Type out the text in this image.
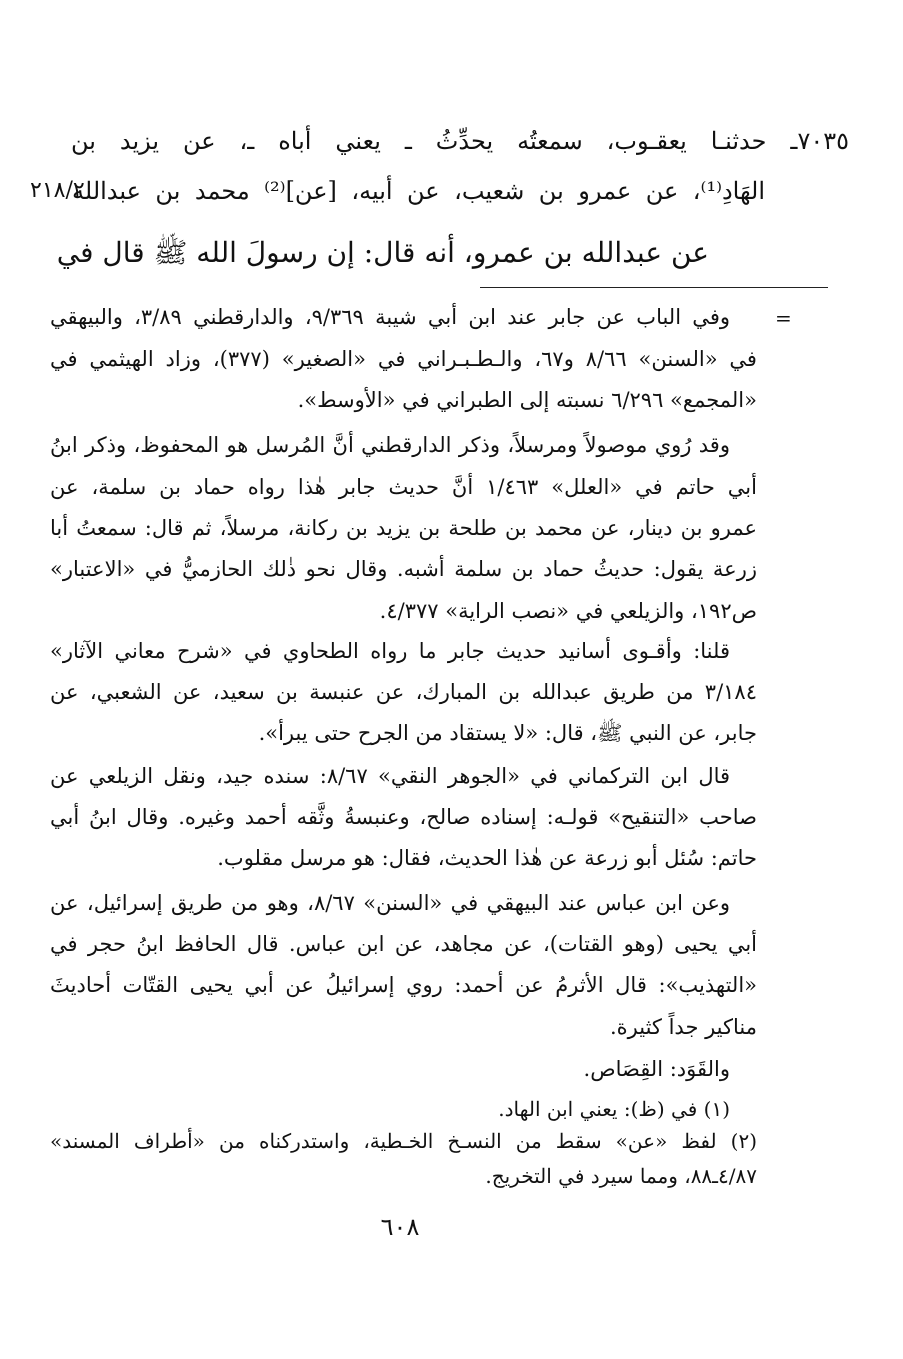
٧٠٣٥ـ حدثنـا يعقـوب، سمعتُه يحدِّثُ ـ يعني أباه ـ، عن يزيد بن
٢١٨/٢
الهَادِ⁽¹⁾، عن عمرو بن شعيب، عن أبيه، [عن]⁽²⁾ محمد بن عبدالله
عن عبدالله بن عمرو، أنه قال: إن رسولَ الله ﷺ قال في
=
وفي الباب عن جابر عند ابن أبي شيبة ٩/٣٦٩، والدارقطني ٣/٨٩، والبيهقي
في «السنن» ٨/٦٦ و٦٧، والـطـبـراني في «الصغير» (٣٧٧)، وزاد الهيثمي في
«المجمع» ٦/٢٩٦ نسبته إلى الطبراني في «الأوسط».
وقد رُوي موصولاً ومرسلاً، وذكر الدارقطني أنَّ المُرسل هو المحفوظ، وذكر ابنُ
أبي حاتم في «العلل» ١/٤٦٣ أنَّ حديث جابر هٰذا رواه حماد بن سلمة، عن
عمرو بن دينار، عن محمد بن طلحة بن يزيد بن ركانة، مرسلاً، ثم قال: سمعتُ أبا
زرعة يقول: حديثُ حماد بن سلمة أشبه. وقال نحو ذٰلك الحازميُّ في «الاعتبار»
ص١٩٢، والزيلعي في «نصب الراية» ٤/٣٧٧.
قلنا: وأقـوى أسانيد حديث جابر ما رواه الطحاوي في «شرح معاني الآثار»
٣/١٨٤ من طريق عبدالله بن المبارك، عن عنبسة بن سعيد، عن الشعبي، عن
جابر، عن النبي ﷺ، قال: «لا يستقاد من الجرح حتى يبرأ».
قال ابن التركماني في «الجوهر النقي» ٨/٦٧: سنده جيد، ونقل الزيلعي عن
صاحب «التنقيح» قولـه: إسناده صالح، وعنبسةُ وثَّقه أحمد وغيره. وقال ابنُ أبي
حاتم: سُئل أبو زرعة عن هٰذا الحديث، فقال: هو مرسل مقلوب.
وعن ابن عباس عند البيهقي في «السنن» ٨/٦٧، وهو من طريق إسرائيل، عن
أبي يحيى (وهو القتات)، عن مجاهد، عن ابن عباس. قال الحافظ ابنُ حجر في
«التهذيب»: قال الأثرمُ عن أحمد: روي إسرائيلُ عن أبي يحيى القتّات أحاديثَ
مناكير جداً كثيرة.
والقَوَد: القِصَاص.
(١) في (ظ): يعني ابن الهاد.
(٢) لفظ «عن» سقط من النسـخ الخـطية، واستدركناه من «أطراف المسند»
٤/٨٧ـ٨٨، ومما سيرد في التخريج.
٦٠٨
